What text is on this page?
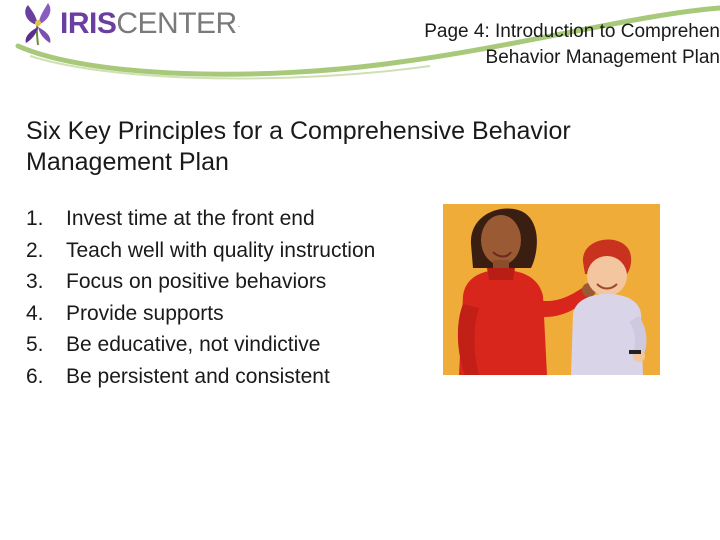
IRISCENTER.	Page 4: Introduction to Comprehen
Behavior Management Plan
Six Key Principles for a Comprehensive Behavior Management Plan
1.	Invest time at the front end
2.	Teach well with quality instruction
3.	Focus on positive behaviors
4.	Provide supports
5.	Be educative, not vindictive
6.	Be persistent and consistent
